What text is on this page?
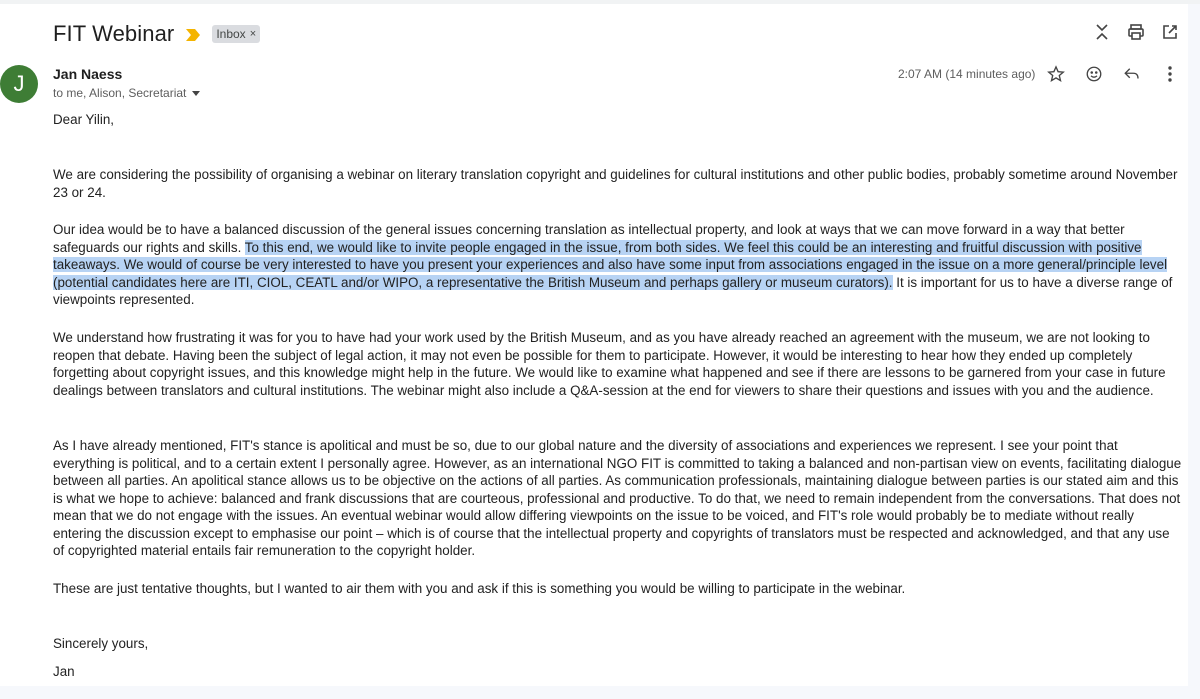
FIT Webinar	Inbox ×
J Jan Naess
to me, Alison, Secretariat
2:07 AM (14 minutes ago)

Dear Yilin,

We are considering the possibility of organising a webinar on literary translation copyright and guidelines for cultural institutions and other public bodies, probably sometime around November 23 or 24.

Our idea would be to have a balanced discussion of the general issues concerning translation as intellectual property, and look at ways that we can move forward in a way that better safeguards our rights and skills. To this end, we would like to invite people engaged in the issue, from both sides. We feel this could be an interesting and fruitful discussion with positive takeaways. We would of course be very interested to have you present your experiences and also have some input from associations engaged in the issue on a more general/principle level (potential candidates here are ITI, CIOL, CEATL and/or WIPO, a representative the British Museum and perhaps gallery or museum curators). It is important for us to have a diverse range of viewpoints represented.

We understand how frustrating it was for you to have had your work used by the British Museum, and as you have already reached an agreement with the museum, we are not looking to reopen that debate. Having been the subject of legal action, it may not even be possible for them to participate. However, it would be interesting to hear how they ended up completely forgetting about copyright issues, and this knowledge might help in the future. We would like to examine what happened and see if there are lessons to be garnered from your case in future dealings between translators and cultural institutions. The webinar might also include a Q&A-session at the end for viewers to share their questions and issues with you and the audience.

As I have already mentioned, FIT's stance is apolitical and must be so, due to our global nature and the diversity of associations and experiences we represent. I see your point that everything is political, and to a certain extent I personally agree. However, as an international NGO FIT is committed to taking a balanced and non-partisan view on events, facilitating dialogue between all parties. An apolitical stance allows us to be objective on the actions of all parties. As communication professionals, maintaining dialogue between parties is our stated aim and this is what we hope to achieve: balanced and frank discussions that are courteous, professional and productive. To do that, we need to remain independent from the conversations. That does not mean that we do not engage with the issues. An eventual webinar would allow differing viewpoints on the issue to be voiced, and FIT's role would probably be to mediate without really entering the discussion except to emphasise our point – which is of course that the intellectual property and copyrights of translators must be respected and acknowledged, and that any use of copyrighted material entails fair remuneration to the copyright holder.

These are just tentative thoughts, but I wanted to air them with you and ask if this is something you would be willing to participate in the webinar.

Sincerely yours,

Jan
